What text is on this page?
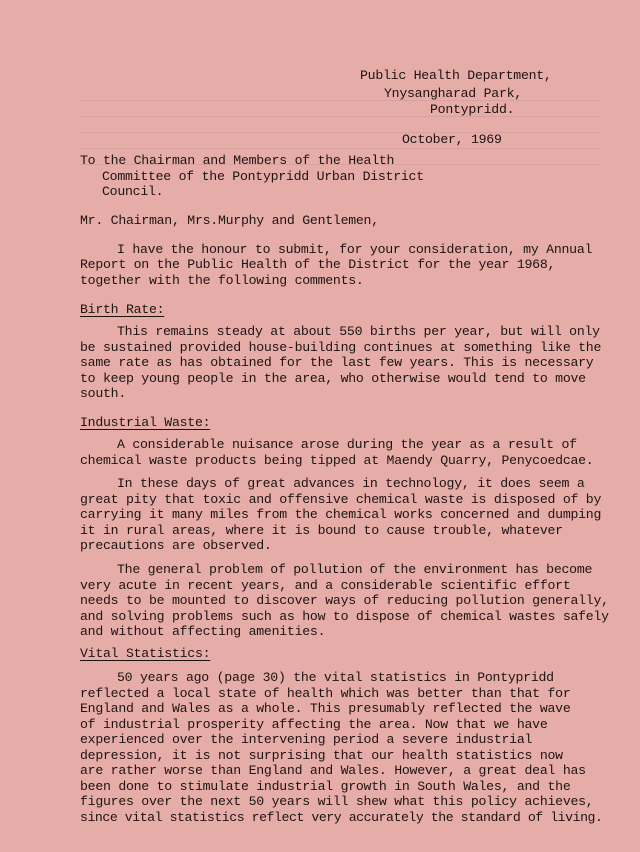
Public Health Department,
Ynysangharad Park,
Pontypridd.
October, 1969
To the Chairman and Members of the Health
Committee of the Pontypridd Urban District
Council.
Mr. Chairman, Mrs.Murphy and Gentlemen,
I have the honour to submit, for your consideration, my Annual
Report on the Public Health of the District for the year 1968,
together with the following comments.
Birth Rate:
This remains steady at about 550 births per year, but will only
be sustained provided house-building continues at something like the
same rate as has obtained for the last few years. This is necessary
to keep young people in the area, who otherwise would tend to move
south.
Industrial Waste:
A considerable nuisance arose during the year as a result of
chemical waste products being tipped at Maendy Quarry, Penycoedcae.
In these days of great advances in technology, it does seem a
great pity that toxic and offensive chemical waste is disposed of by
carrying it many miles from the chemical works concerned and dumping
it in rural areas, where it is bound to cause trouble, whatever
precautions are observed.
The general problem of pollution of the environment has become
very acute in recent years, and a considerable scientific effort
needs to be mounted to discover ways of reducing pollution generally,
and solving problems such as how to dispose of chemical wastes safely
and without affecting amenities.
Vital Statistics:
50 years ago (page 30) the vital statistics in Pontypridd
reflected a local state of health which was better than that for
England and Wales as a whole. This presumably reflected the wave
of industrial prosperity affecting the area. Now that we have
experienced over the intervening period a severe industrial
depression, it is not surprising that our health statistics now
are rather worse than England and Wales. However, a great deal has
been done to stimulate industrial growth in South Wales, and the
figures over the next 50 years will shew what this policy achieves,
since vital statistics reflect very accurately the standard of living.
